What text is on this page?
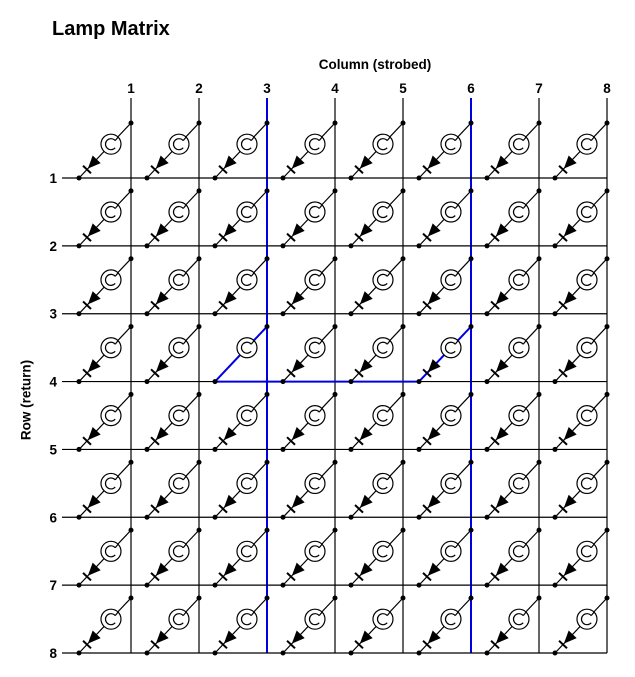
Lamp Matrix
Column (strobed)
Row (return)
1	2	3	4	5	6	7	8
1
2
3
4
5
6
7
8
